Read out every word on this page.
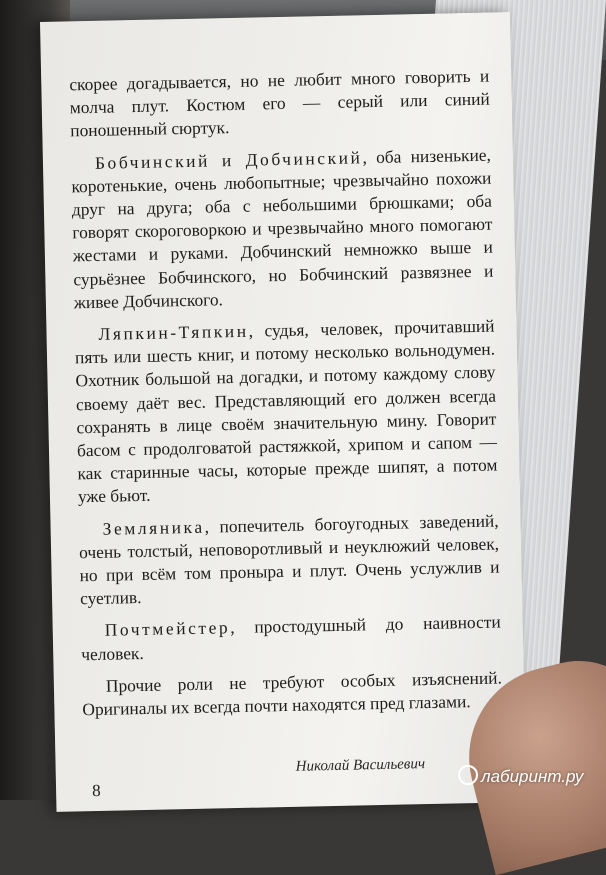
скорее догадывается, но не любит много говорить и молча плут. Костюм его — серый или синий поношенный сюртук.

Бобчинский и Добчинский, оба низенькие, коротенькие, очень любопытные; чрезвычайно похожи друг на друга; оба с небольшими брюшками; оба говорят скороговоркою и чрезвычайно много помогают жестами и руками. Добчинский немножко выше и сурьёзнее Бобчинского, но Бобчинский развязнее и живее Добчинского.

Ляпкин-Тяпкин, судья, человек, прочитавший пять или шесть книг, и потому несколько вольнодумен. Охотник большой на догадки, и потому каждому слову своему даёт вес. Представляющий его должен всегда сохранять в лице своём значительную мину. Говорит басом с продолговатой растяжкой, хрипом и сапом — как старинные часы, которые прежде шипят, а потом уже бьют.

Земляника, попечитель богоугодных заведений, очень толстый, неповоротливый и неуклюжий человек, но при всём том проныра и плут. Очень услужлив и суетлив.

Почтмейстер, простодушный до наивности человек.

Прочие роли не требуют особых изъяснений. Оригиналы их всегда почти находятся пред глазами.

Николай Васильевич
8
лабиринт.ру
